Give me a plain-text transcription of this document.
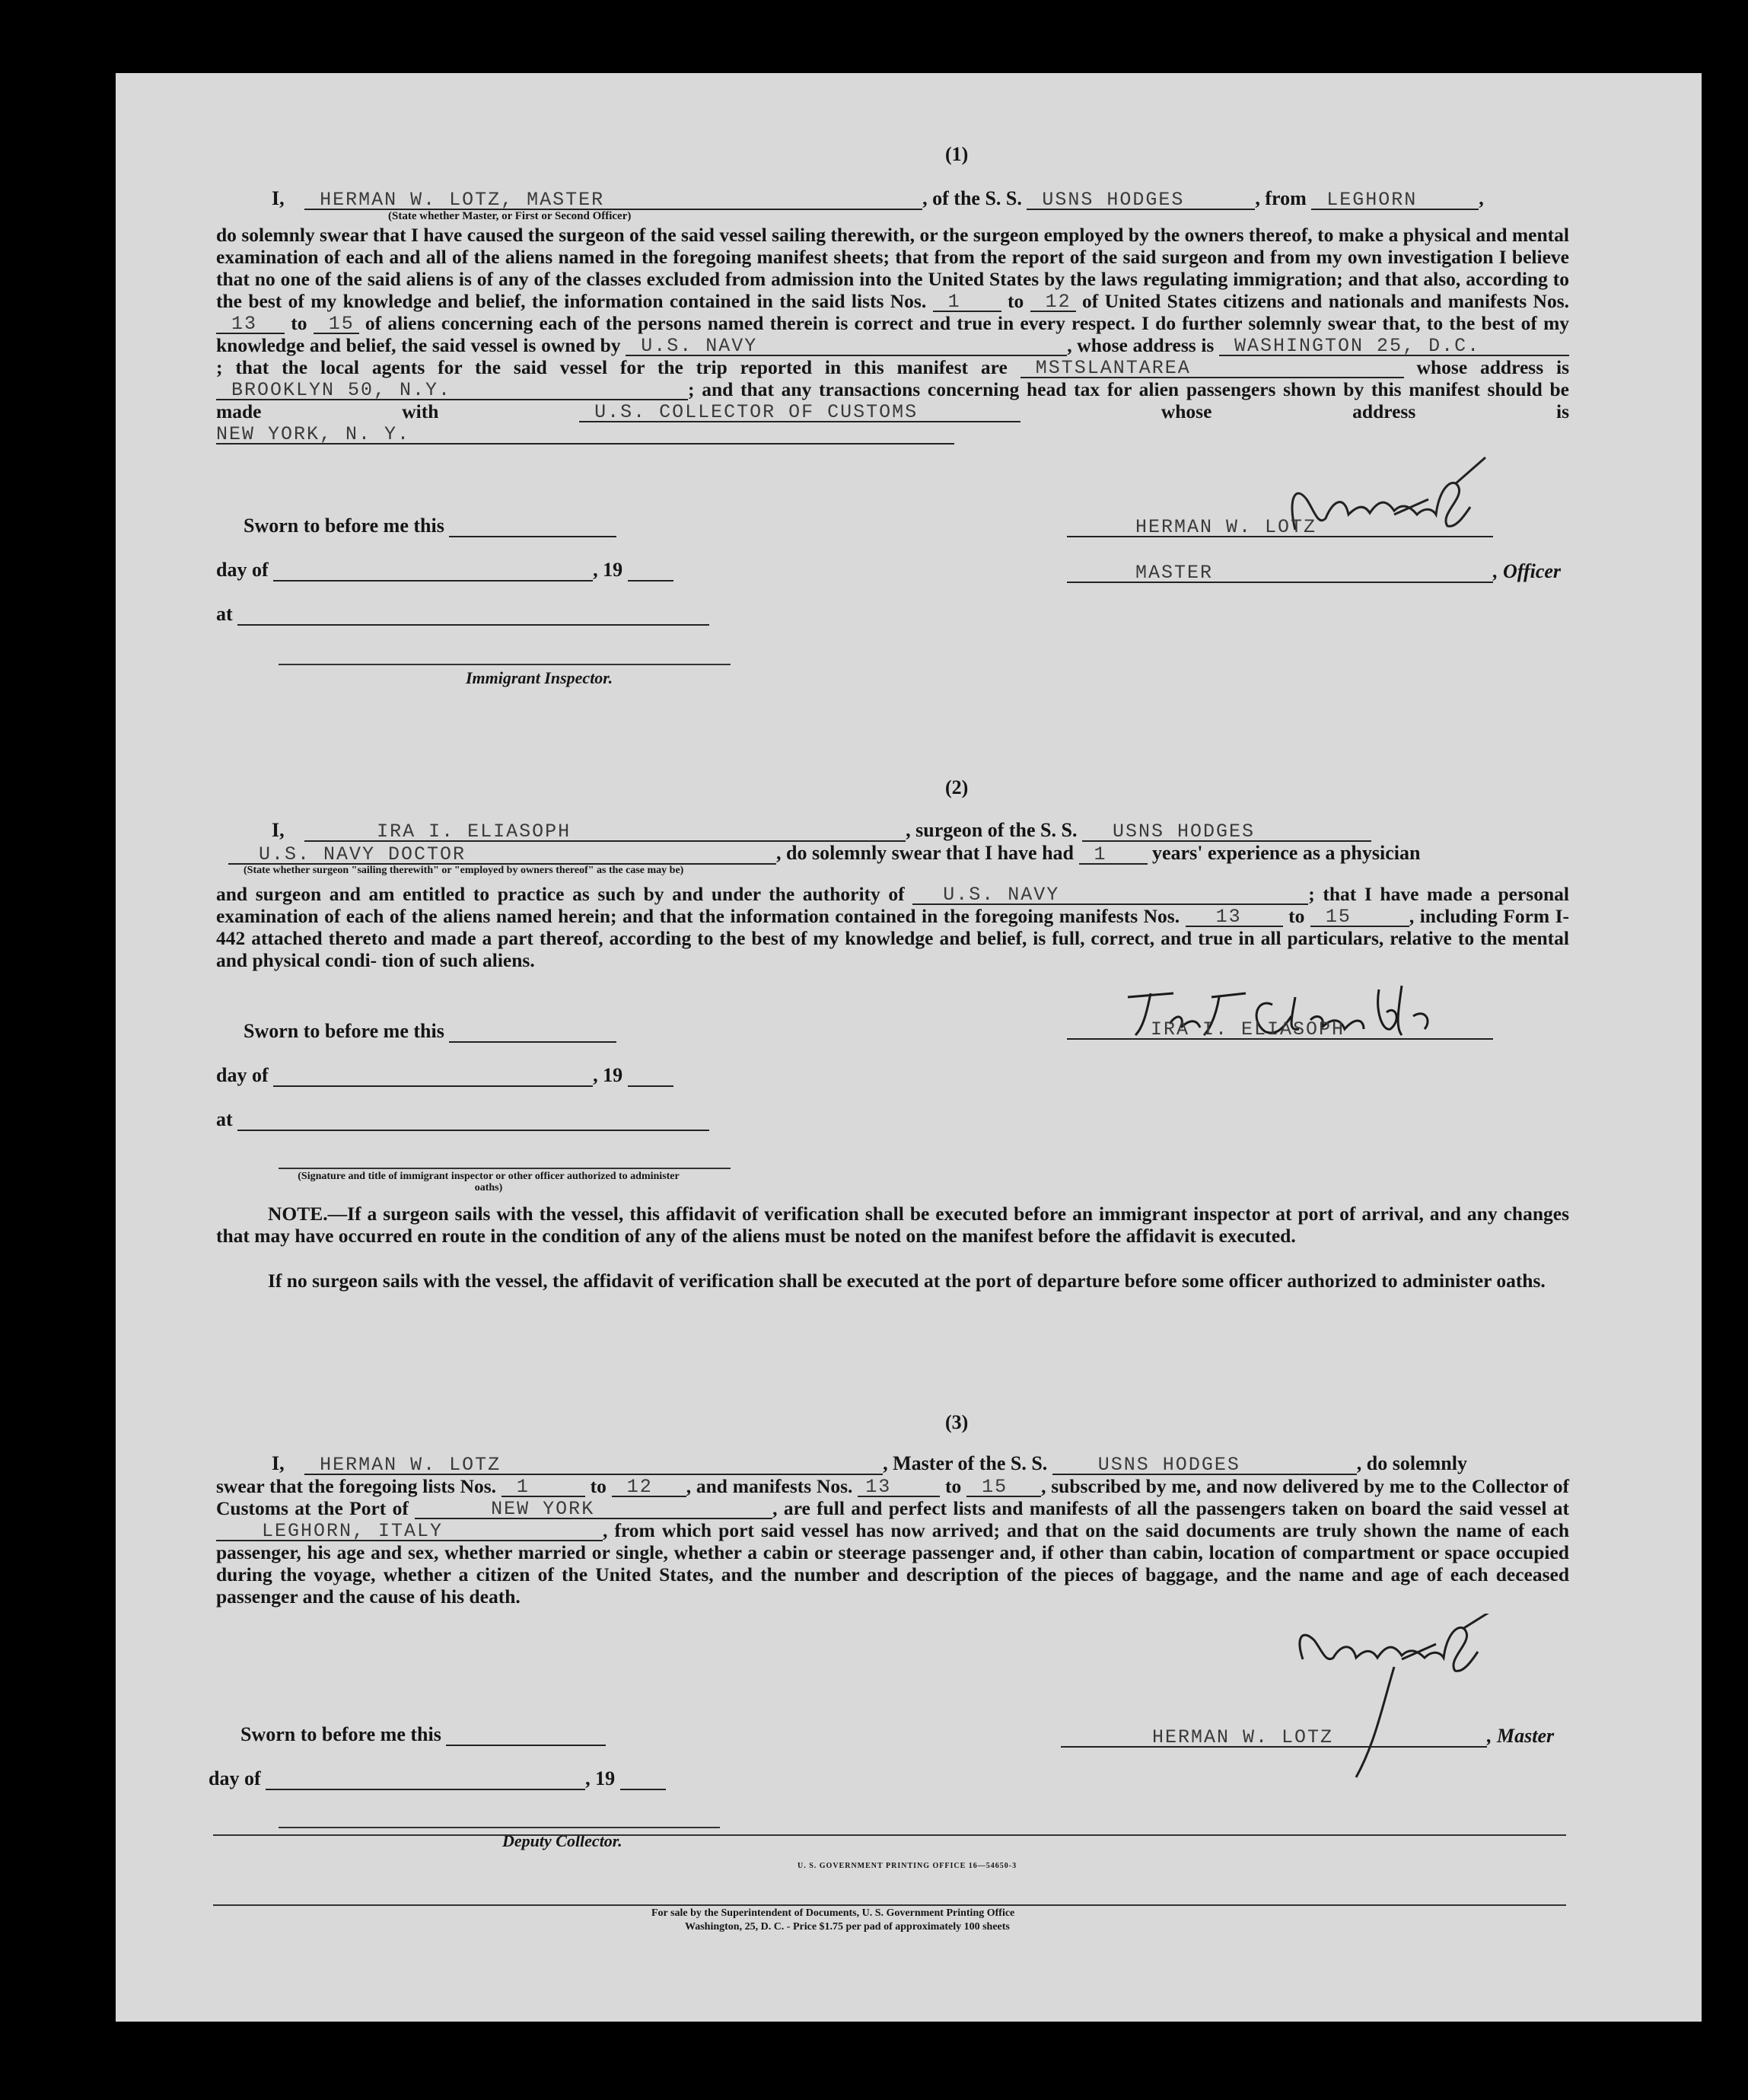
(1)
I, HERMAN W. LOTZ, MASTER	, of the S. S. USNS HODGES	, from LEGHORN	,
(State whether Master, or First or Second Officer)
do solemnly swear that I have caused the surgeon of the said vessel sailing therewith, or the surgeon employed by the owners thereof, to make a physical and mental examination of each and all of the aliens named in the foregoing manifest sheets; that from the report of the said surgeon and from my own investigation I believe that no one of the said aliens is of any of the classes excluded from admission into the United States by the laws regulating immigration; and that also, according to the best of my knowledge and belief, the information contained in the said lists Nos. 1 to 12 of United States citizens and nationals and manifests Nos. 13 to 15 of aliens concerning each of the persons named therein is correct and true in every respect. I do further solemnly swear that, to the best of my knowledge and belief, the said vessel is owned by U.S. NAVY	, whose address is WASHINGTON 25, D.C.; that the local agents for the said vessel for the trip reported in this manifest are MSTSLANTAREA	whose address is BROOKLYN 50, N.Y.	; and that any transactions concerning head tax for alien passengers shown by this manifest should be made with	U.S. COLLECTOR OF CUSTOMS	whose address is NEW YORK, N. Y.
Sworn to before me this
day of	, 19
at
Immigrant Inspector.
HERMAN W. LOTZ
MASTER	, Officer
(2)
I,	IRA I. ELIASOPH	, surgeon of the S. S. USNS HODGES
U.S. NAVY DOCTOR	, do solemnly swear that I have had 1 years' experience as a physician
(State whether surgeon "sailing therewith" or "employed by owners thereof" as the case may be)
and surgeon and am entitled to practice as such by and under the authority of U.S. NAVY	; that I have made a personal examination of each of the aliens named herein; and that the information contained in the foregoing manifests Nos. 13 to 15	, including Form I-442 attached thereto and made a part thereof, according to the best of my knowledge and belief, is full, correct, and true in all particulars, relative to the mental and physical condi- tion of such aliens.
Sworn to before me this
day of	, 19
at
(Signature and title of immigrant inspector or other officer authorized to administer oaths)
IRA I. ELIASOPH
NOTE.—If a surgeon sails with the vessel, this affidavit of verification shall be executed before an immigrant inspector at port of arrival, and any changes that may have occurred en route in the condition of any of the aliens must be noted on the manifest before the affidavit is executed.
If no surgeon sails with the vessel, the affidavit of verification shall be executed at the port of departure before some officer authorized to administer oaths.
(3)
I, HERMAN W. LOTZ	, Master of the S. S.	USNS HODGES	, do solemnly
swear that the foregoing lists Nos. 1	to 12 , and manifests Nos. 13	to 15 , subscribed by me, and now delivered by me to the Collector of Customs at the Port of	NEW YORK	, are full and perfect lists and manifests of all the passengers taken on board the said vessel at LEGHORN, ITALY	, from which port said vessel has now arrived; and that on the said documents are truly shown the name of each passenger, his age and sex, whether married or single, whether a cabin or steerage passenger and, if other than cabin, location of compartment or space occupied during the voyage, whether a citizen of the United States, and the number and description of the pieces of baggage, and the name and age of each deceased passenger and the cause of his death.
Sworn to before me this	HERMAN W. LOTZ	, Master
day of	, 19
Deputy Collector.
U. S. GOVERNMENT PRINTING OFFICE 16—54650-3
For sale by the Superintendent of Documents, U. S. Government Printing Office
Washington, 25, D. C. - Price $1.75 per pad of approximately 100 sheets
